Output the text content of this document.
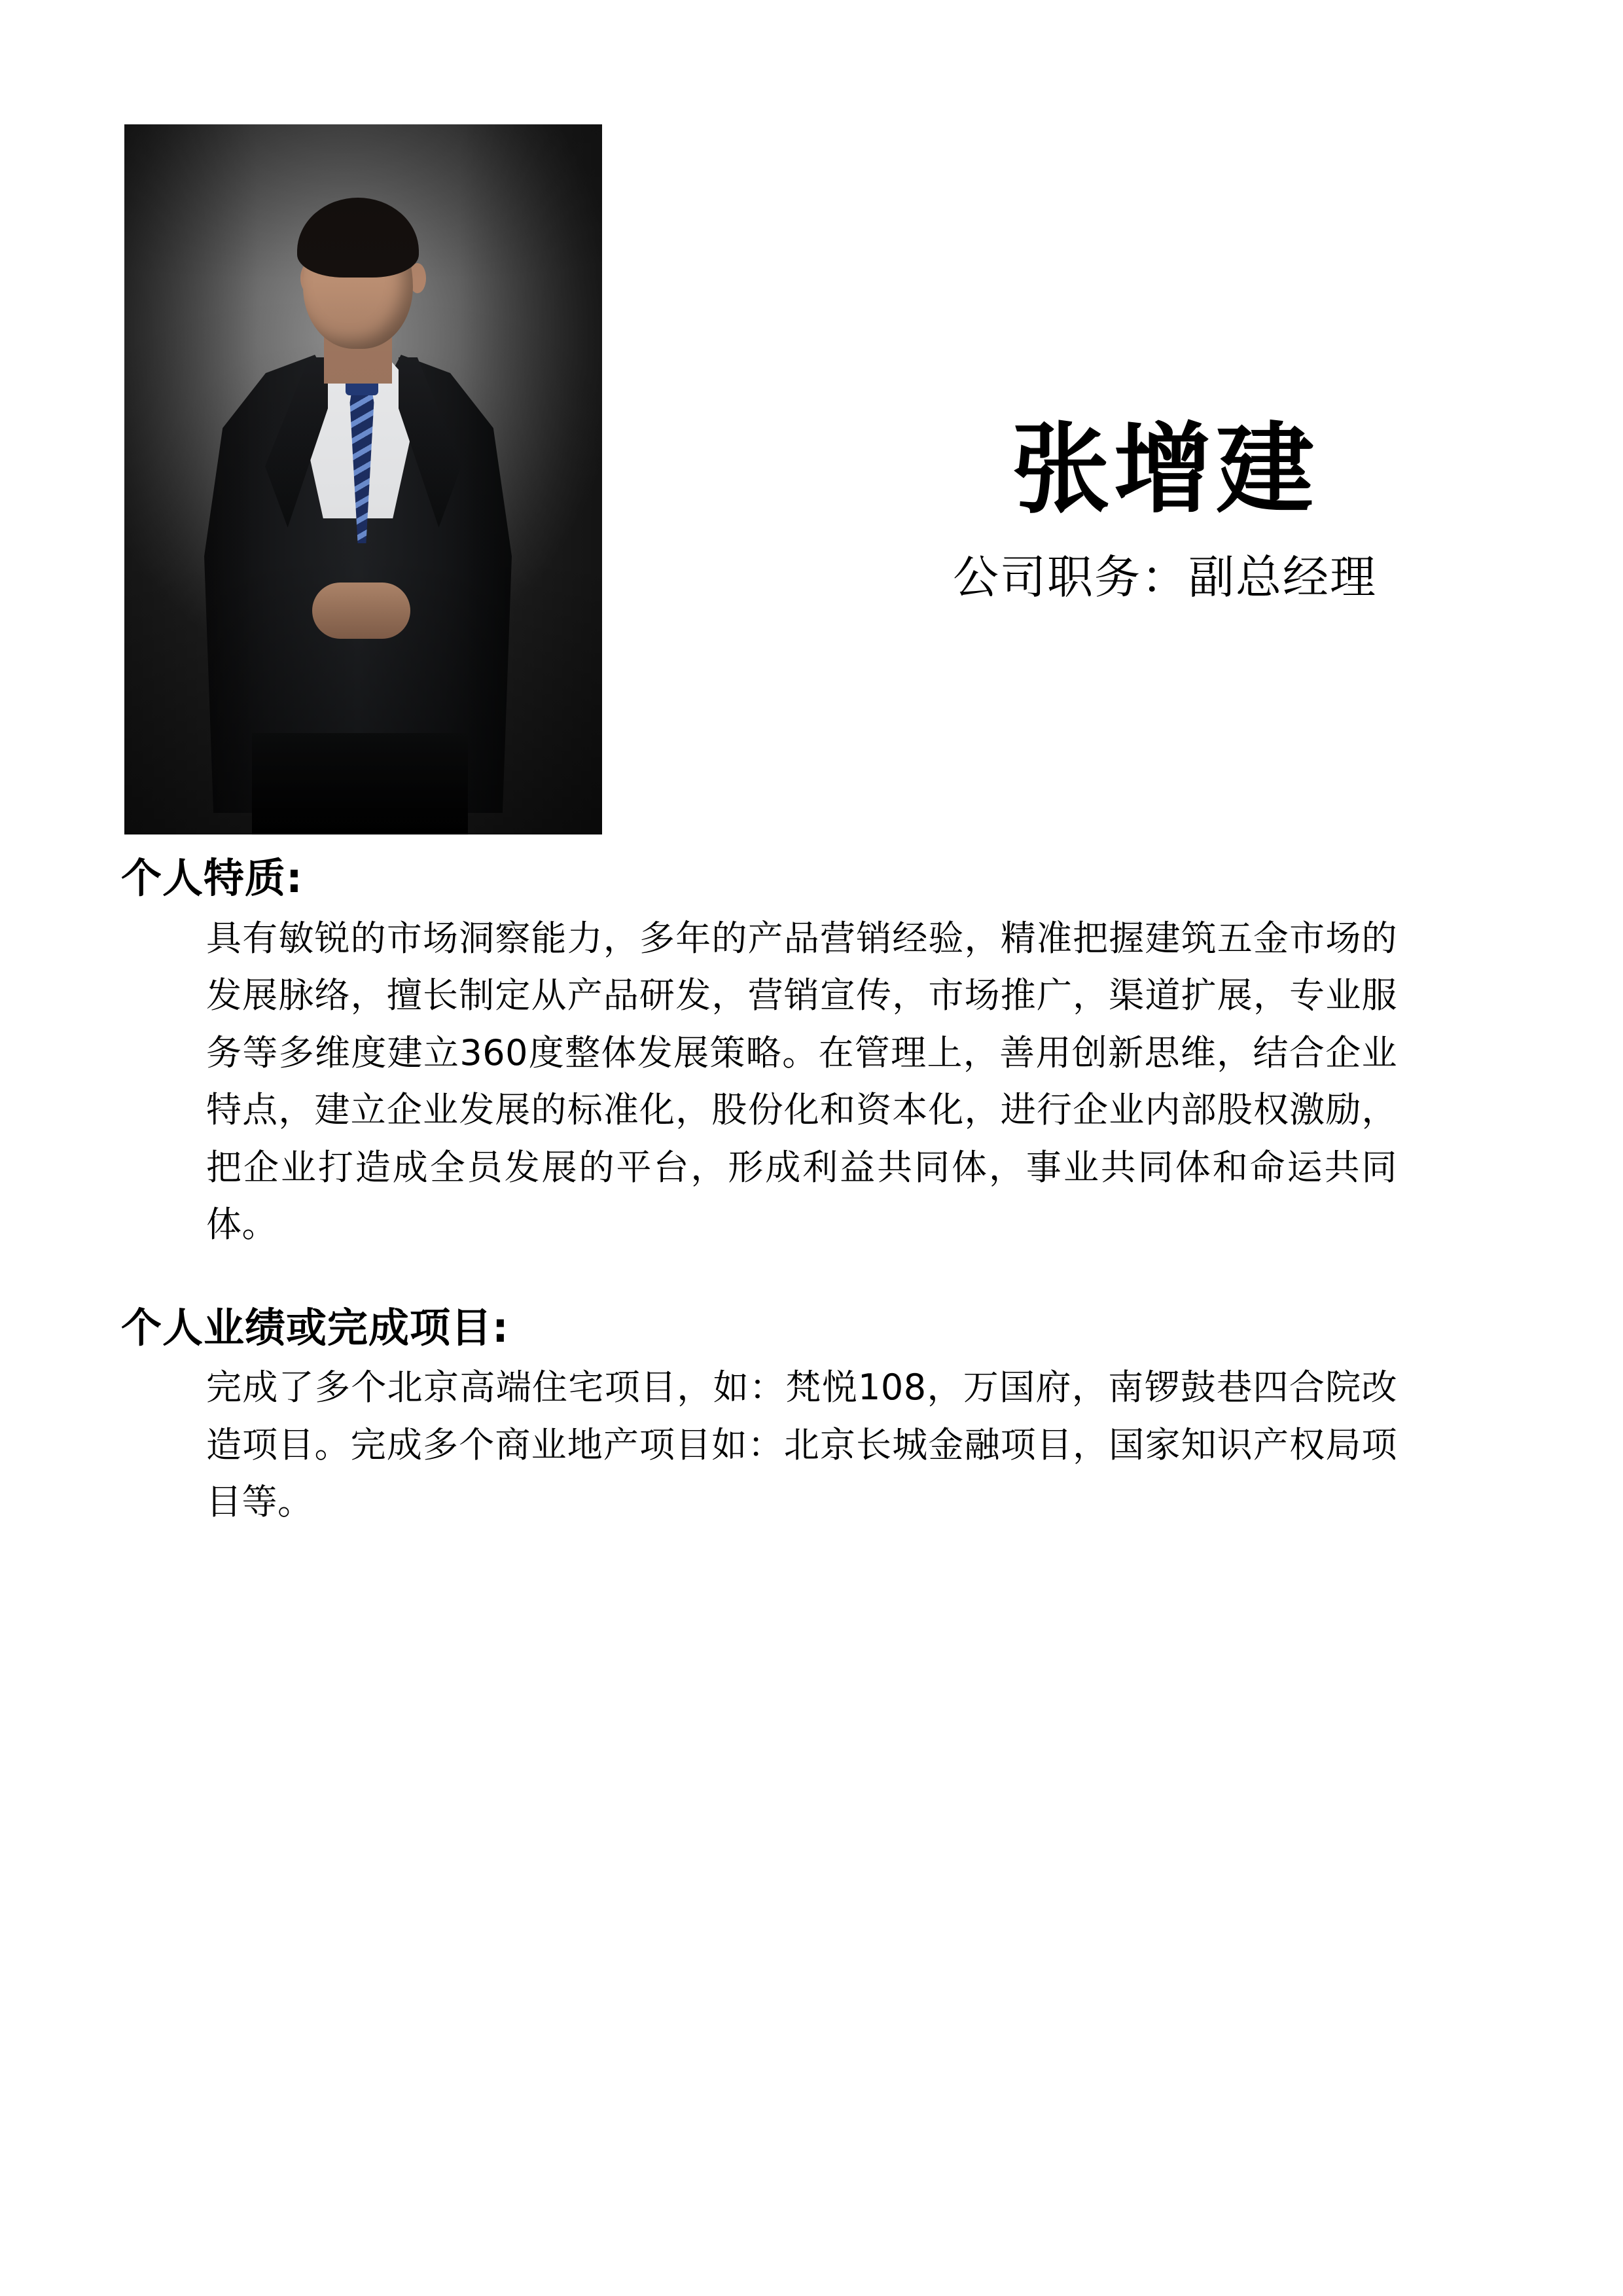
张增建
公司职务：副总经理
个人特质:

具有敏锐的市场洞察能力，多年的产品营销经验，精准把握建筑五金市场的发展脉络，擅长制定从产品研发，营销宣传，市场推广，渠道扩展，专业服务等多维度建立360度整体发展策略。在管理上，善用创新思维，结合企业特点，建立企业发展的标准化，股份化和资本化，进行企业内部股权激励，把企业打造成全员发展的平台，形成利益共同体，事业共同体和命运共同体。

个人业绩或完成项目:

完成了多个北京高端住宅项目，如：梵悦108，万国府，南锣鼓巷四合院改造项目。完成多个商业地产项目如：北京长城金融项目，国家知识产权局项目等。
